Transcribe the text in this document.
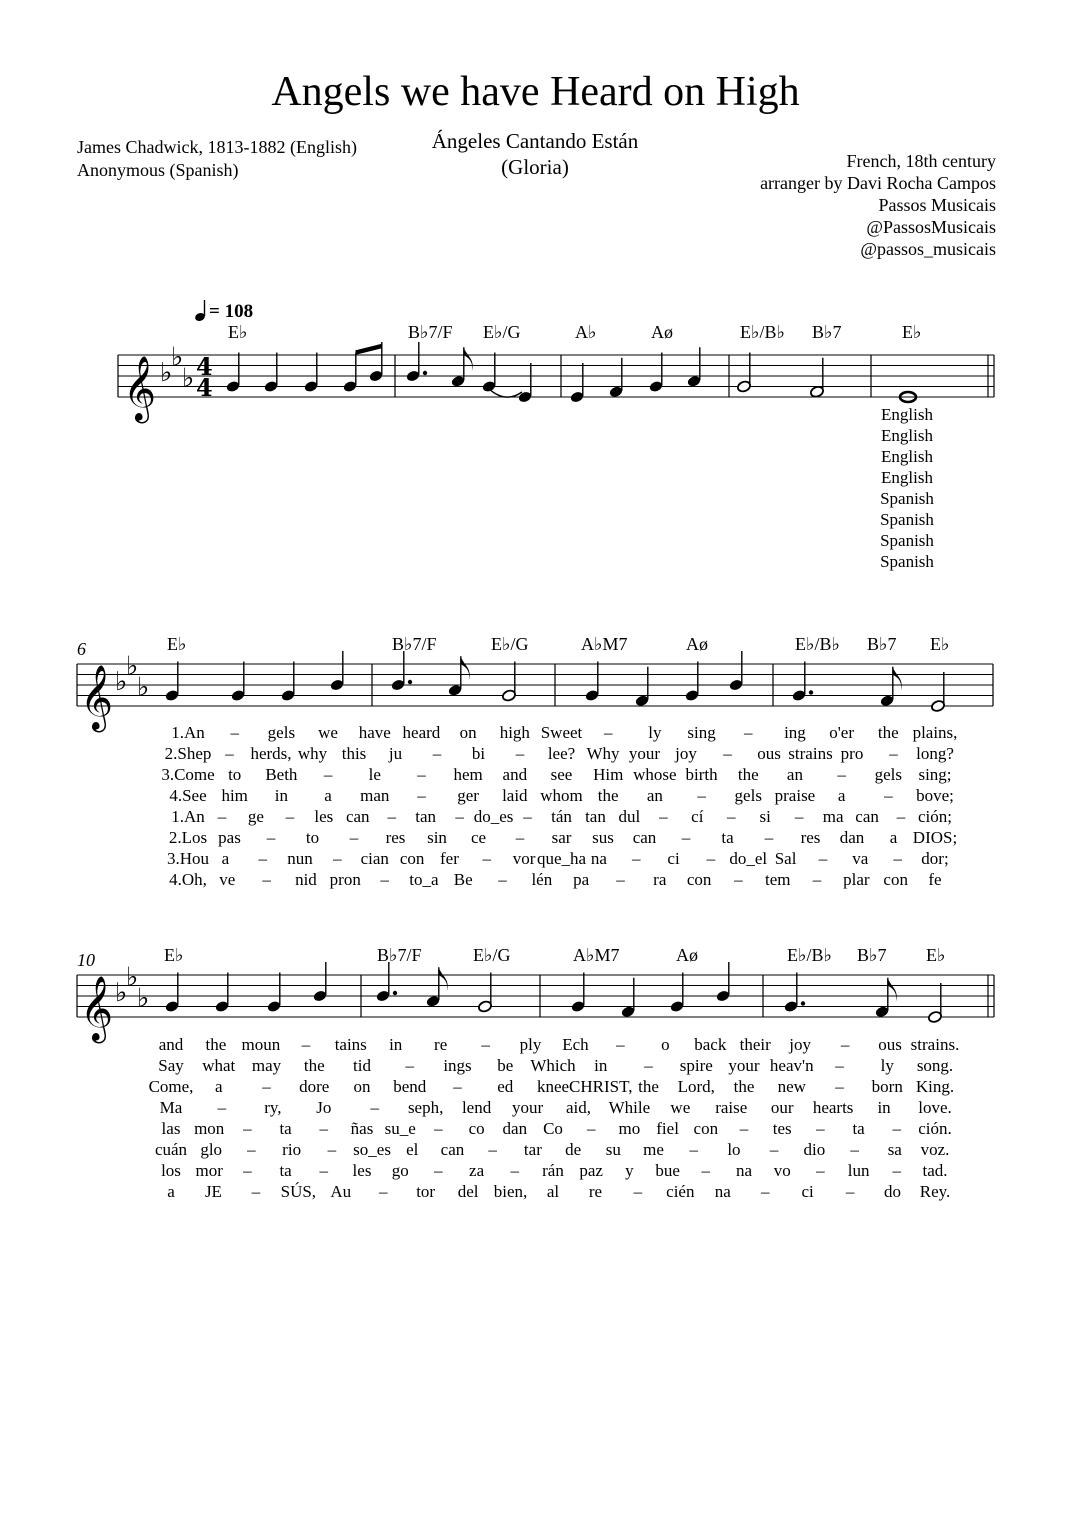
Angels we have Heard on High
Ángeles Cantando Están
(Gloria)
James Chadwick, 1813-1882 (English)
Anonymous (Spanish)	French, 18th century
arranger by Davi Rocha Campos
Passos Musicais
@PassosMusicais
@passos_musicais
= 108
𝄞 ♭
♭
♭ 4
4
𝄞 ♭
♭
♭
𝄞 ♭
♭
♭
E♭	B♭7/F E♭/G	A♭	Aø	E♭/B♭ B♭7	E♭
E♭	B♭7/F	E♭/G	A♭M7	Aø	E♭/B♭ B♭7 E♭
6
E♭	B♭7/F	E♭/G	A♭M7	Aø	E♭/B♭ B♭7 E♭
10
English
English
English
English
Spanish
Spanish
Spanish
Spanish
1.An – gels we have heard on high Sweet – ly sing – ing o'er the plains,
2.Shep – herds, why this ju – bi – lee? Why your joy – ous strains pro – long?
3.Come to Beth – le – hem and see Him whose birth the an – gels sing;
4.See him in a man – ger laid whom the an – gels praise a – bove;
1.An – ge – les can – tan – do_es – tán tan dul – cí – si – ma can – ción;
2.Los pas – to – res sin ce – sar sus can – ta – res dan a DIOS;
3.Hou a – nun – cian con fer – vor que_ha na – ci – do_el Sal – va – dor;
4.Oh, ve – nid pron – to_a Be – lén pa – ra con – tem – plar con fe
and the moun – tains in re – ply Ech – o back their joy – ous strains.
Say what may the tid – ings be Which in – spire your heav'n – ly song.
Come, a – dore on bend – ed knee CHRIST, the Lord, the new – born King.
Ma – ry, Jo – seph, lend your aid, While we raise our hearts in love.
las mon – ta – ñas su_e – co dan Co – mo fiel con – tes – ta – ción.
cuán glo – rio – so_es el can – tar de su me – lo – dio – sa voz.
los mor – ta – les go – za – rán paz y bue – na vo – lun – tad.
a JE – SÚS, Au – tor del bien, al re – cién na – ci – do Rey.
